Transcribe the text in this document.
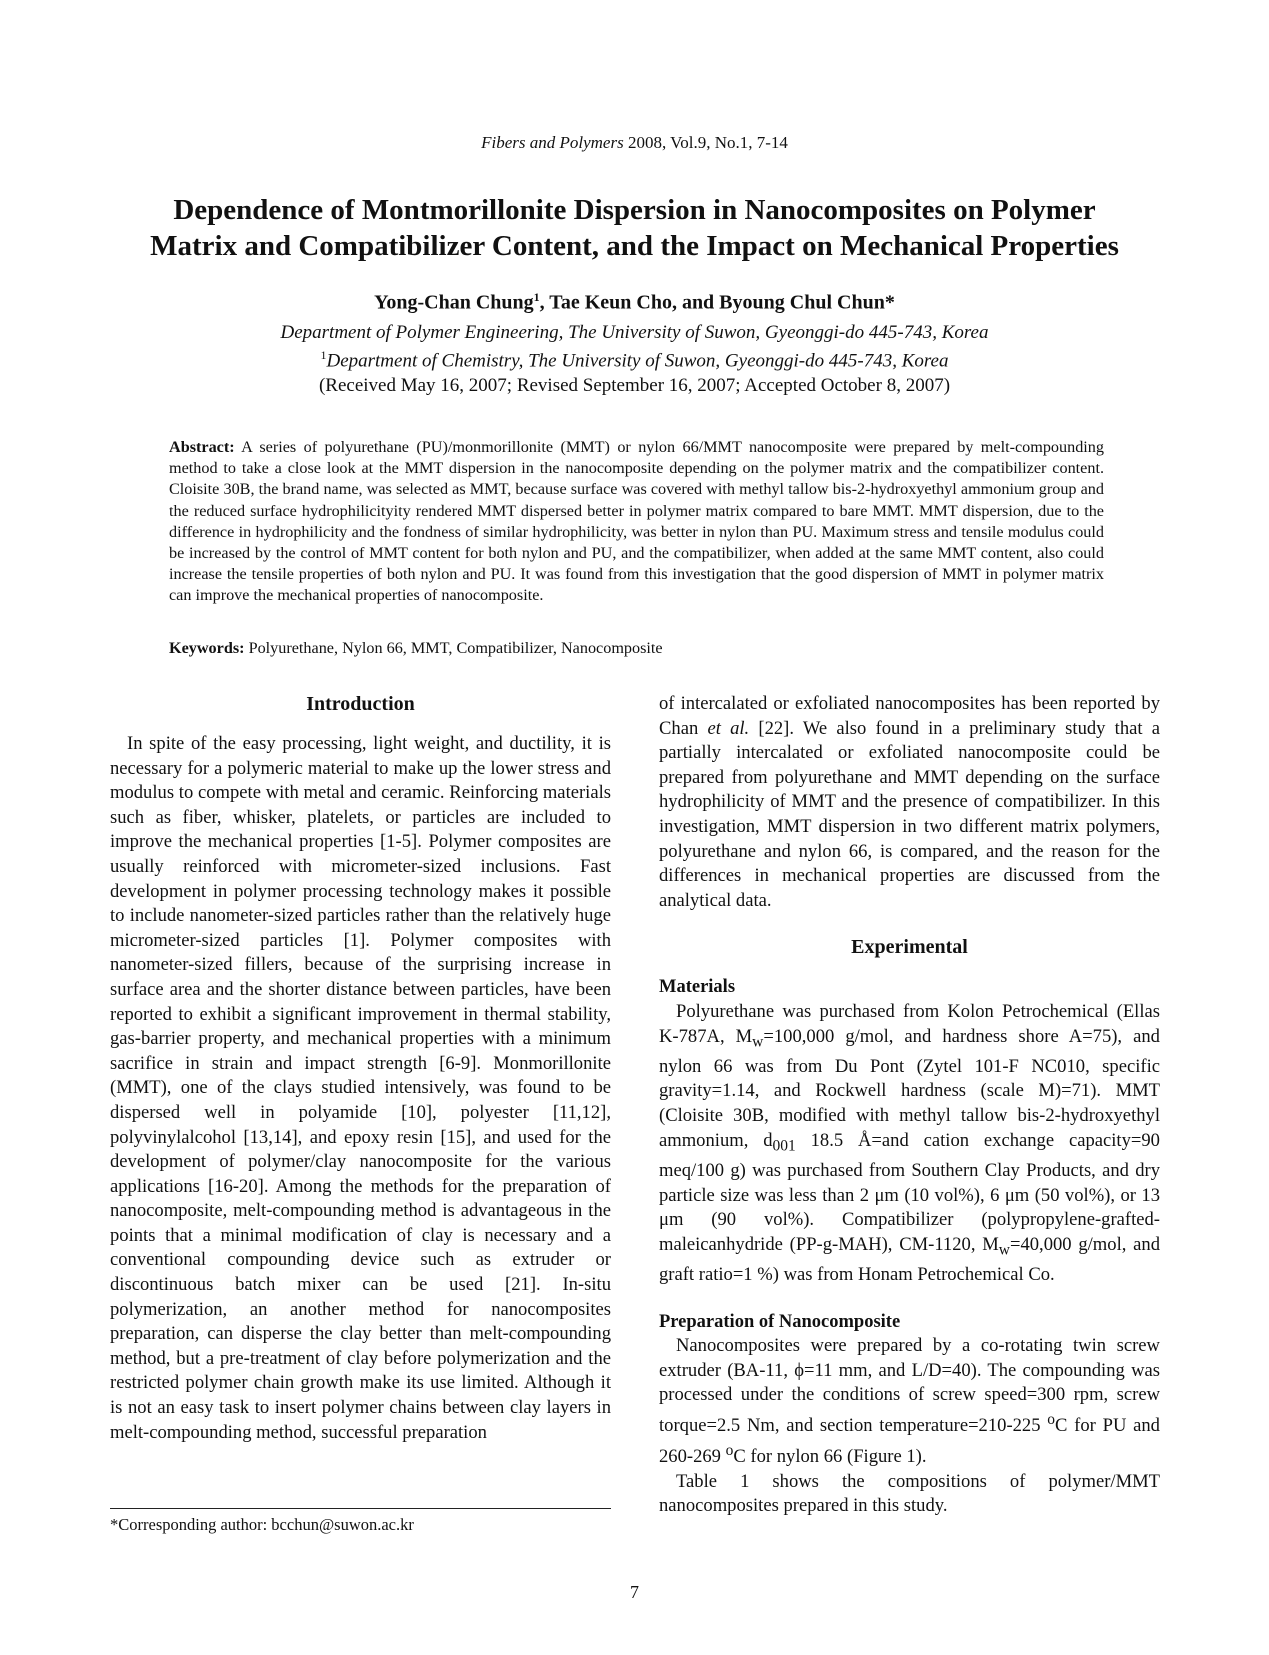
Fibers and Polymers 2008, Vol.9, No.1, 7-14
Dependence of Montmorillonite Dispersion in Nanocomposites on Polymer
Matrix and Compatibilizer Content, and the Impact on Mechanical Properties
Yong-Chan Chung$^1$, Tae Keun Cho, and Byoung Chul Chun*
Department of Polymer Engineering, The University of Suwon, Gyeonggi-do 445-743, Korea
$^1$Department of Chemistry, The University of Suwon, Gyeonggi-do 445-743, Korea
(Received May 16, 2007; Revised September 16, 2007; Accepted October 8, 2007)

Abstract: A series of polyurethane (PU)/monmorillonite (MMT) or nylon 66/MMT nanocomposite were prepared by melt-compounding method to take a close look at the MMT dispersion in the nanocomposite depending on the polymer matrix and the compatibilizer content. Cloisite 30B, the brand name, was selected as MMT, because surface was covered with methyl tallow bis-2-hydroxyethyl ammonium group and the reduced surface hydrophilicityity rendered MMT dispersed better in polymer matrix compared to bare MMT. MMT dispersion, due to the difference in hydrophilicity and the fondness of similar hydrophilicity, was better in nylon than PU. Maximum stress and tensile modulus could be increased by the control of MMT content for both nylon and PU, and the compatibilizer, when added at the same MMT content, also could increase the tensile properties of both nylon and PU. It was found from this investigation that the good dispersion of MMT in polymer matrix can improve the mechanical properties of nanocomposite.

Keywords: Polyurethane, Nylon 66, MMT, Compatibilizer, Nanocomposite
Introduction

In spite of the easy processing, light weight, and ductility, it is necessary for a polymeric material to make up the lower stress and modulus to compete with metal and ceramic. Reinforcing materials such as fiber, whisker, platelets, or particles are included to improve the mechanical properties [1-5]. Polymer composites are usually reinforced with micrometer-sized inclusions. Fast development in polymer processing technology makes it possible to include nanometer-sized particles rather than the relatively huge micrometer-sized particles [1]. Polymer composites with nanometer-sized fillers, because of the surprising increase in surface area and the shorter distance between particles, have been reported to exhibit a significant improvement in thermal stability, gas-barrier property, and mechanical properties with a minimum sacrifice in strain and impact strength [6-9]. Monmorillonite (MMT), one of the clays studied intensively, was found to be dispersed well in polyamide [10], polyester [11,12], polyvinylalcohol [13,14], and epoxy resin [15], and used for the development of polymer/clay nanocomposite for the various applications [16-20]. Among the methods for the preparation of nanocomposite, melt-compounding method is advantageous in the points that a minimal modification of clay is necessary and a conventional compounding device such as extruder or discontinuous batch mixer can be used [21]. In-situ polymerization, an another method for nanocomposites preparation, can disperse the clay better than melt-compounding method, but a pre-treatment of clay before polymerization and the restricted polymer chain growth make its use limited. Although it is not an easy task to insert polymer chains between clay layers in melt-compounding method, successful preparation

of intercalated or exfoliated nanocomposites has been reported by Chan et al. [22]. We also found in a preliminary study that a partially intercalated or exfoliated nanocomposite could be prepared from polyurethane and MMT depending on the surface hydrophilicity of MMT and the presence of compatibilizer. In this investigation, MMT dispersion in two different matrix polymers, polyurethane and nylon 66, is compared, and the reason for the differences in mechanical properties are discussed from the analytical data.

Experimental
Materials

Polyurethane was purchased from Kolon Petrochemical (Ellas K-787A, $M_w=100,000$ g/mol, and hardness shore A=75), and nylon 66 was from Du Pont (Zytel 101-F NC010, specific gravity=1.14, and Rockwell hardness (scale M)=71). MMT (Cloisite 30B, modified with methyl tallow bis-2-hydroxyethyl ammonium, $d_{001}$ 18.5 Å=and cation exchange capacity=90 meq/100 g) was purchased from Southern Clay Products, and dry particle size was less than 2 μm (10 vol%), 6 μm (50 vol%), or 13 μm (90 vol%). Compatibilizer (polypropylene-grafted-maleicanhydride (PP-g-MAH), CM-1120, $M_w=40,000$ g/mol, and graft ratio=1 %) was from Honam Petrochemical Co.

Preparation of Nanocomposite

Nanocomposites were prepared by a co-rotating twin screw extruder (BA-11, ϕ=11 mm, and L/D=40). The compounding was processed under the conditions of screw speed=300 rpm, screw torque=2.5 Nm, and section temperature=210-225 $^o$C for PU and 260-269 $^o$C for nylon 66 (Figure 1).

Table 1 shows the compositions of polymer/MMT nanocomposites prepared in this study.

*Corresponding author: bcchun@suwon.ac.kr
7
